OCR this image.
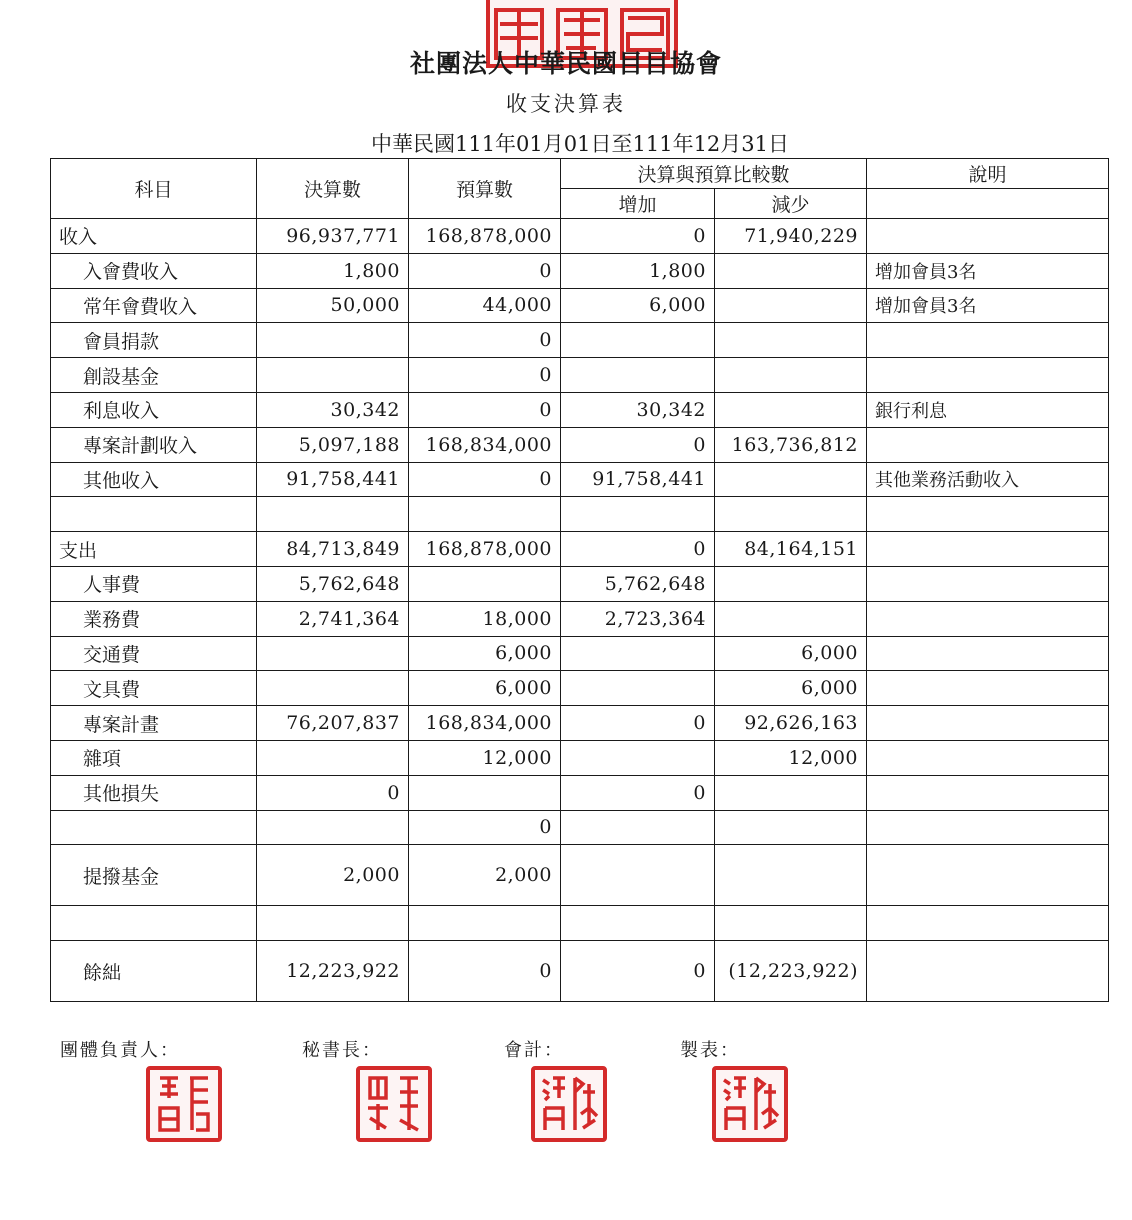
社團法人中華民國目目協會
收支決算表
中華民國111年01月01日至111年12月31日
科目	決算數	預算數	決算與預算比較數		說明
			增加	減少	
收入	96,937,771	168,878,000	0	71,940,229	
入會費收入	1,800	0	1,800		增加會員3名
常年會費收入	50,000	44,000	6,000		增加會員3名
會員捐款		0			
創設基金		0			
利息收入	30,342	0	30,342		銀行利息
專案計劃收入	5,097,188	168,834,000	0	163,736,812	
其他收入	91,758,441	0	91,758,441		其他業務活動收入

支出	84,713,849	168,878,000	0	84,164,151	
人事費	5,762,648		5,762,648		
業務費	2,741,364	18,000	2,723,364		
交通費		6,000		6,000	
文具費		6,000		6,000	
專案計畫	76,207,837	168,834,000	0	92,626,163	
雜項		12,000		12,000	
其他損失	0		0		
		0			
提撥基金	2,000	2,000			

餘絀	12,223,922	0	0	(12,223,922)	
團體負責人：	秘書長：	會計：	製表：
